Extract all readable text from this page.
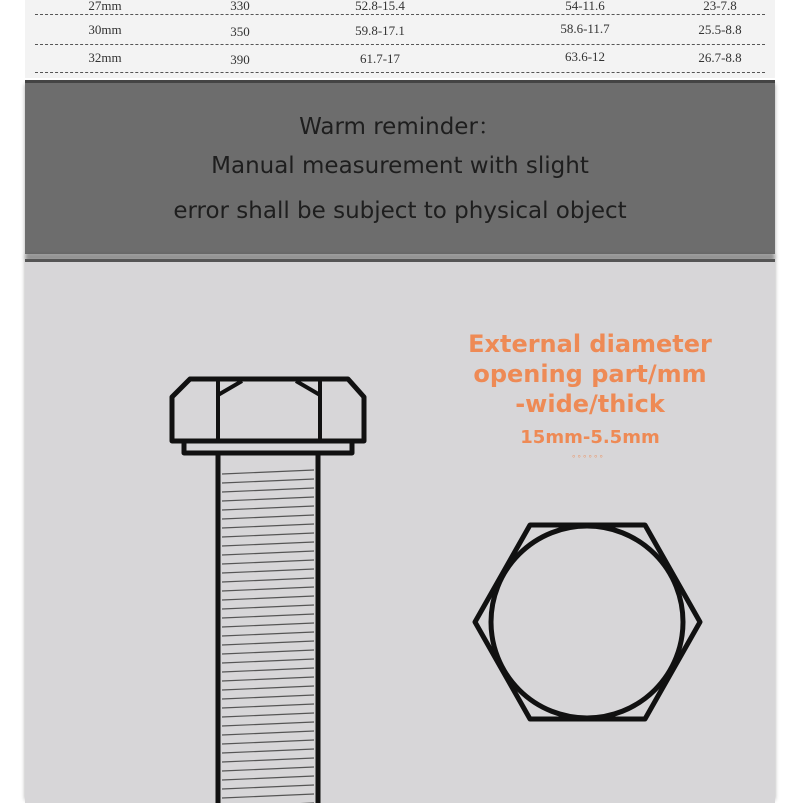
27mm	330	52.8-15.4	54-11.6	23-7.8
30mm	350	59.8-17.1	58.6-11.7	25.5-8.8
32mm	390	61.7-17	63.6-12	26.7-8.8
Warm reminder：
Manual measurement with slight
error shall be subject to physical object
External diameter
opening part/mm
-wide/thick
15mm-5.5mm
ﾟﾟﾟﾟﾟﾟ
